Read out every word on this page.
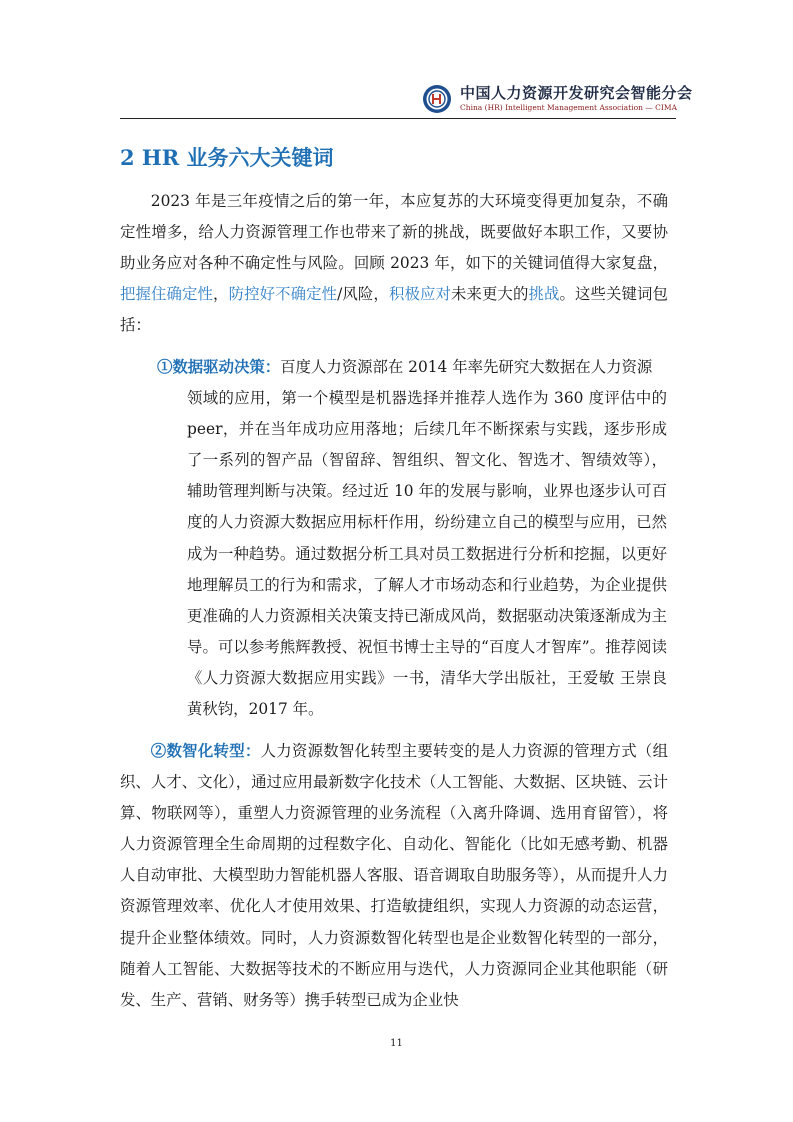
中国人力资源开发研究会智能分会
China (HR) Intelligent Management Association — CIMA
2 HR 业务六大关键词
2023 年是三年疫情之后的第一年，本应复苏的大环境变得更加复杂，不确定性增多，给人力资源管理工作也带来了新的挑战，既要做好本职工作，又要协助业务应对各种不确定性与风险。回顾 2023 年，如下的关键词值得大家复盘，把握住确定性，防控好不确定性/风险，积极应对未来更大的挑战。这些关键词包括：
①数据驱动决策：百度人力资源部在 2014 年率先研究大数据在人力资源
领域的应用，第一个模型是机器选择并推荐人选作为 360 度评估中的 peer，并在当年成功应用落地；后续几年不断探索与实践，逐步形成了一系列的智产品（智留辞、智组织、智文化、智选才、智绩效等），辅助管理判断与决策。经过近 10 年的发展与影响，业界也逐步认可百度的人力资源大数据应用标杆作用，纷纷建立自己的模型与应用，已然成为一种趋势。通过数据分析工具对员工数据进行分析和挖掘，以更好地理解员工的行为和需求，了解人才市场动态和行业趋势，为企业提供更准确的人力资源相关决策支持已渐成风尚，数据驱动决策逐渐成为主导。可以参考熊辉教授、祝恒书博士主导的“百度人才智库”。推荐阅读《人力资源大数据应用实践》一书，清华大学出版社，王爱敏 王崇良 黄秋钧，2017 年。
②数智化转型：人力资源数智化转型主要转变的是人力资源的管理方式（组织、人才、文化），通过应用最新数字化技术（人工智能、大数据、区块链、云计算、物联网等），重塑人力资源管理的业务流程（入离升降调、选用育留管），将人力资源管理全生命周期的过程数字化、自动化、智能化（比如无感考勤、机器人自动审批、大模型助力智能机器人客服、语音调取自助服务等），从而提升人力资源管理效率、优化人才使用效果、打造敏捷组织，实现人力资源的动态运营，提升企业整体绩效。同时，人力资源数智化转型也是企业数智化转型的一部分，随着人工智能、大数据等技术的不断应用与迭代，人力资源同企业其他职能（研发、生产、营销、财务等）携手转型已成为企业快
11
